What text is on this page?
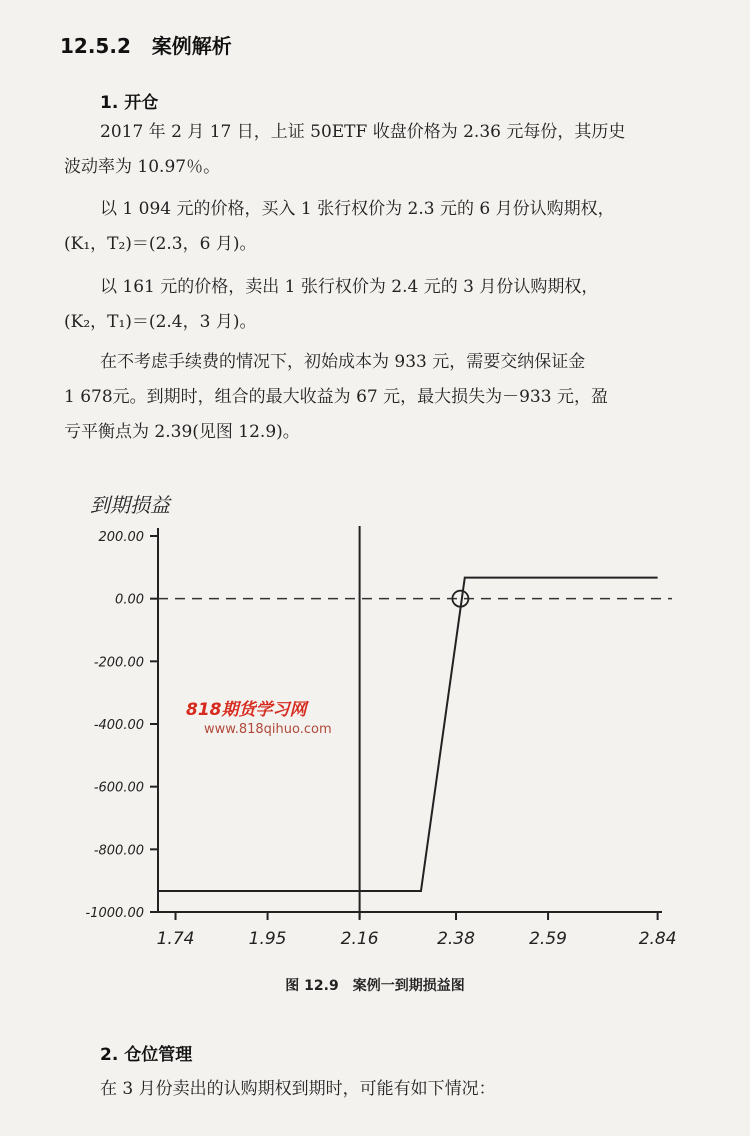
12.5.2 案例解析
1. 开仓
2017 年 2 月 17 日，上证 50ETF 收盘价格为 2.36 元每份，其历史
波动率为 10.97％。
以 1 094 元的价格，买入 1 张行权价为 2.3 元的 6 月份认购期权，
(K₁，T₂)＝(2.3，6 月)。
以 161 元的价格，卖出 1 张行权价为 2.4 元的 3 月份认购期权，
(K₂，T₁)＝(2.4，3 月)。
在不考虑手续费的情况下，初始成本为 933 元，需要交纳保证金
1 678元。到期时，组合的最大收益为 67 元，最大损失为－933 元，盈
亏平衡点为 2.39(见图 12.9)。
到期损益
200.00
0.00
-200.00
-400.00
-600.00
-800.00
-1000.00
1.74	1.95	2.16	2.38	2.59	2.84
818期货学习网
www.818qihuo.com
图 12.9　案例一到期损益图
2. 仓位管理
在 3 月份卖出的认购期权到期时，可能有如下情况：
